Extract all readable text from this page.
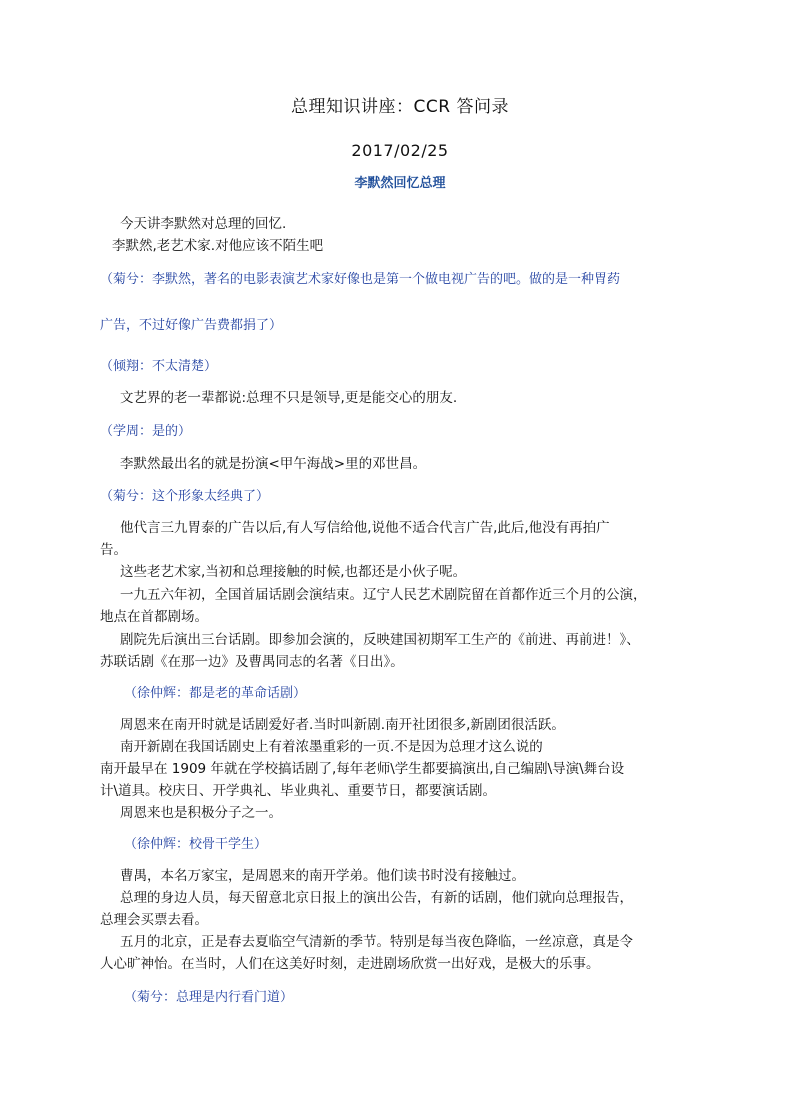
总理知识讲座：CCR 答问录
2017/02/25
李默然回忆总理
今天讲李默然对总理的回忆.
李默然,老艺术家.对他应该不陌生吧
（菊兮：李默然，著名的电影表演艺术家好像也是第一个做电视广告的吧。做的是一种胃药
广告，不过好像广告费都捐了）
（倾翔：不太清楚）
文艺界的老一辈都说:总理不只是领导,更是能交心的朋友.
（学周：是的）
李默然最出名的就是扮演<甲午海战>里的邓世昌。
（菊兮：这个形象太经典了）
他代言三九胃泰的广告以后,有人写信给他,说他不适合代言广告,此后,他没有再拍广
告。
这些老艺术家,当初和总理接触的时候,也都还是小伙子呢。
一九五六年初，全国首届话剧会演结束。辽宁人民艺术剧院留在首都作近三个月的公演，
地点在首都剧场。
剧院先后演出三台话剧。即参加会演的，反映建国初期军工生产的《前进、再前进！》、
苏联话剧《在那一边》及曹禺同志的名著《日出》。
（徐仲辉：都是老的革命话剧）
周恩来在南开时就是话剧爱好者.当时叫新剧.南开社团很多,新剧团很活跃。
南开新剧在我国话剧史上有着浓墨重彩的一页.不是因为总理才这么说的
南开最早在 1909 年就在学校搞话剧了,每年老师\学生都要搞演出,自己编剧\导演\舞台设
计\道具。校庆日、开学典礼、毕业典礼、重要节日，都要演话剧。
周恩来也是积极分子之一。
（徐仲辉：校骨干学生）
曹禺，本名万家宝，是周恩来的南开学弟。他们读书时没有接触过。
总理的身边人员，每天留意北京日报上的演出公告，有新的话剧，他们就向总理报告，
总理会买票去看。
五月的北京，正是春去夏临空气清新的季节。特别是每当夜色降临，一丝凉意，真是令
人心旷神怡。在当时，人们在这美好时刻，走进剧场欣赏一出好戏，是极大的乐事。
（菊兮：总理是内行看门道）
